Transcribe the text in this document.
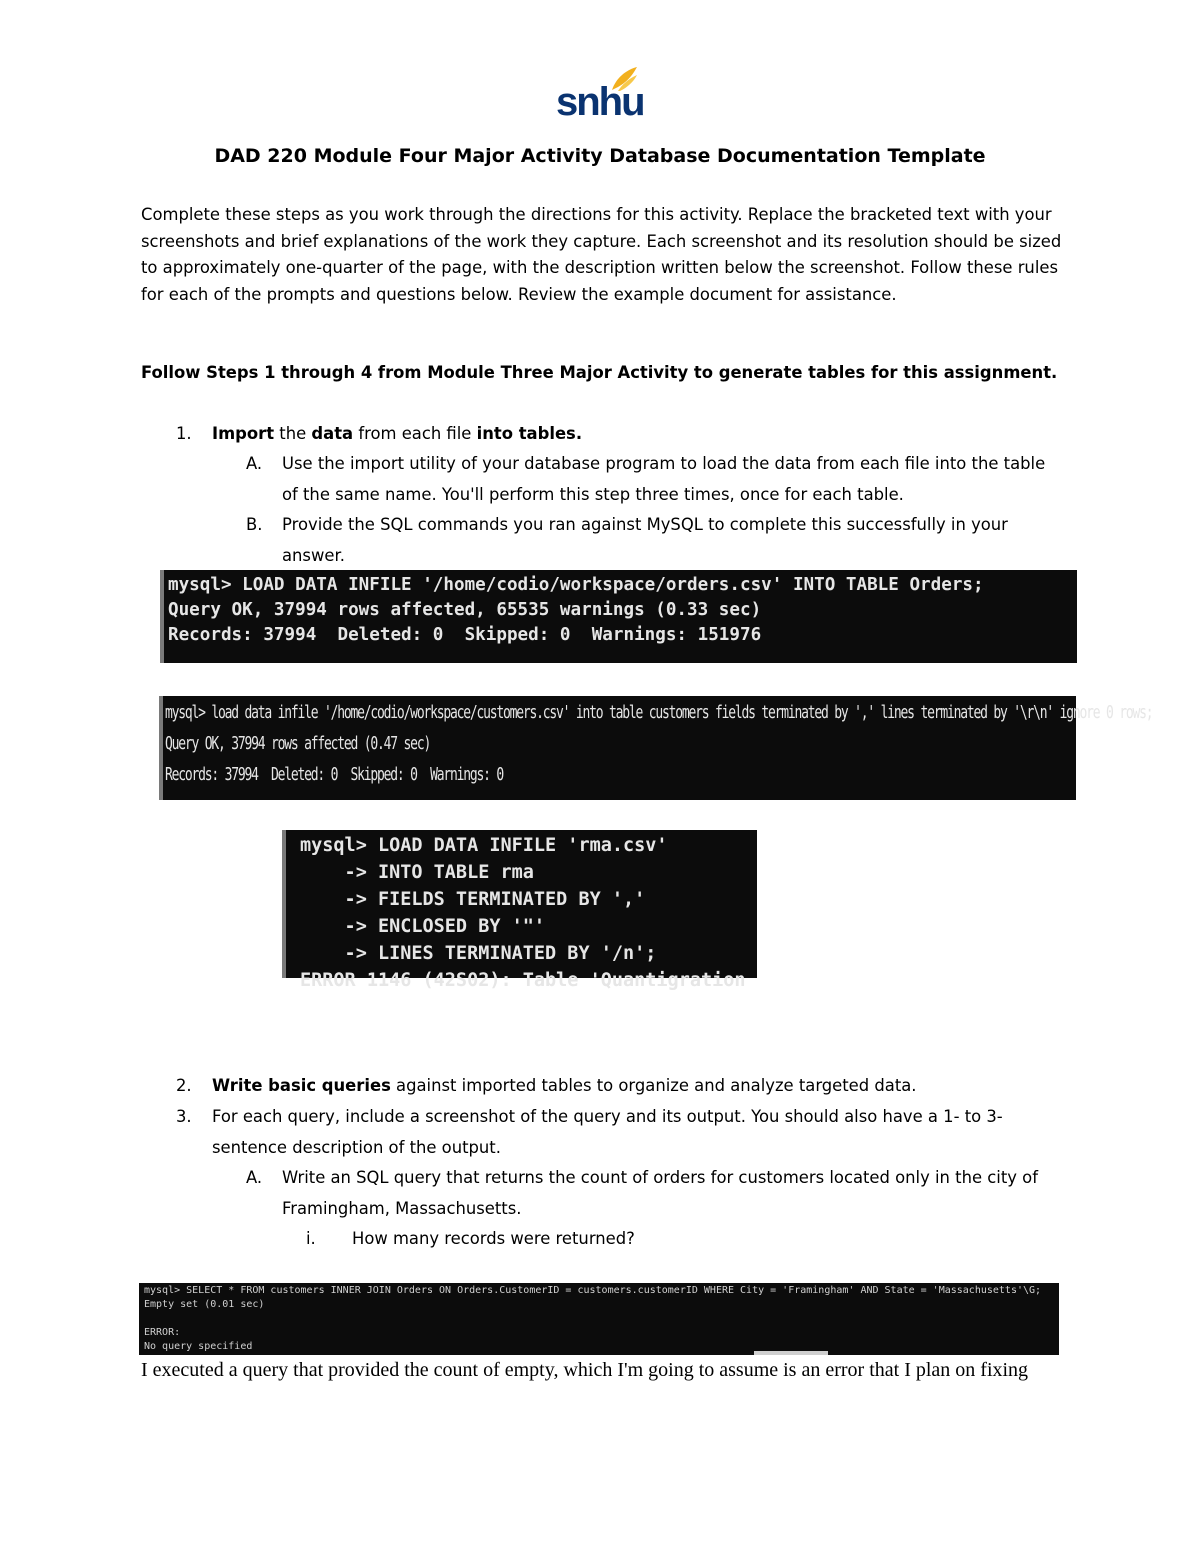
snhu
DAD 220 Module Four Major Activity Database Documentation Template
Complete these steps as you work through the directions for this activity. Replace the bracketed text with your screenshots and brief explanations of the work they capture. Each screenshot and its resolution should be sized to approximately one-quarter of the page, with the description written below the screenshot. Follow these rules for each of the prompts and questions below. Review the example document for assistance.
Follow Steps 1 through 4 from Module Three Major Activity to generate tables for this assignment.
1. Import the data from each file into tables.
A. Use the import utility of your database program to load the data from each file into the table of the same name. You'll perform this step three times, once for each table.
B. Provide the SQL commands you ran against MySQL to complete this successfully in your answer.
mysql> LOAD DATA INFILE '/home/codio/workspace/orders.csv' INTO TABLE Orders;
Query OK, 37994 rows affected, 65535 warnings (0.33 sec)
Records: 37994  Deleted: 0  Skipped: 0  Warnings: 151976
mysql> load data infile '/home/codio/workspace/customers.csv' into table customers fields terminated by ',' lines terminated by '\r\n' ignore 0 rows;
Query OK, 37994 rows affected (0.47 sec)
Records: 37994  Deleted: 0  Skipped: 0  Warnings: 0
mysql> LOAD DATA INFILE 'rma.csv'
-> INTO TABLE rma
-> FIELDS TERMINATED BY ','
-> ENCLOSED BY '"'
-> LINES TERMINATED BY '/n';
ERROR 1146 (42S02): Table 'Quantigration
2. Write basic queries against imported tables to organize and analyze targeted data.
3. For each query, include a screenshot of the query and its output. You should also have a 1- to 3-sentence description of the output.
A. Write an SQL query that returns the count of orders for customers located only in the city of Framingham, Massachusetts.
i. How many records were returned?
mysql> SELECT * FROM customers INNER JOIN Orders ON Orders.CustomerID = customers.customerID WHERE City = 'Framingham' AND State = 'Massachusetts'\G;
Empty set (0.01 sec)

ERROR:
No query specified
I executed a query that provided the count of empty, which I'm going to assume is an error that I plan on fixing
